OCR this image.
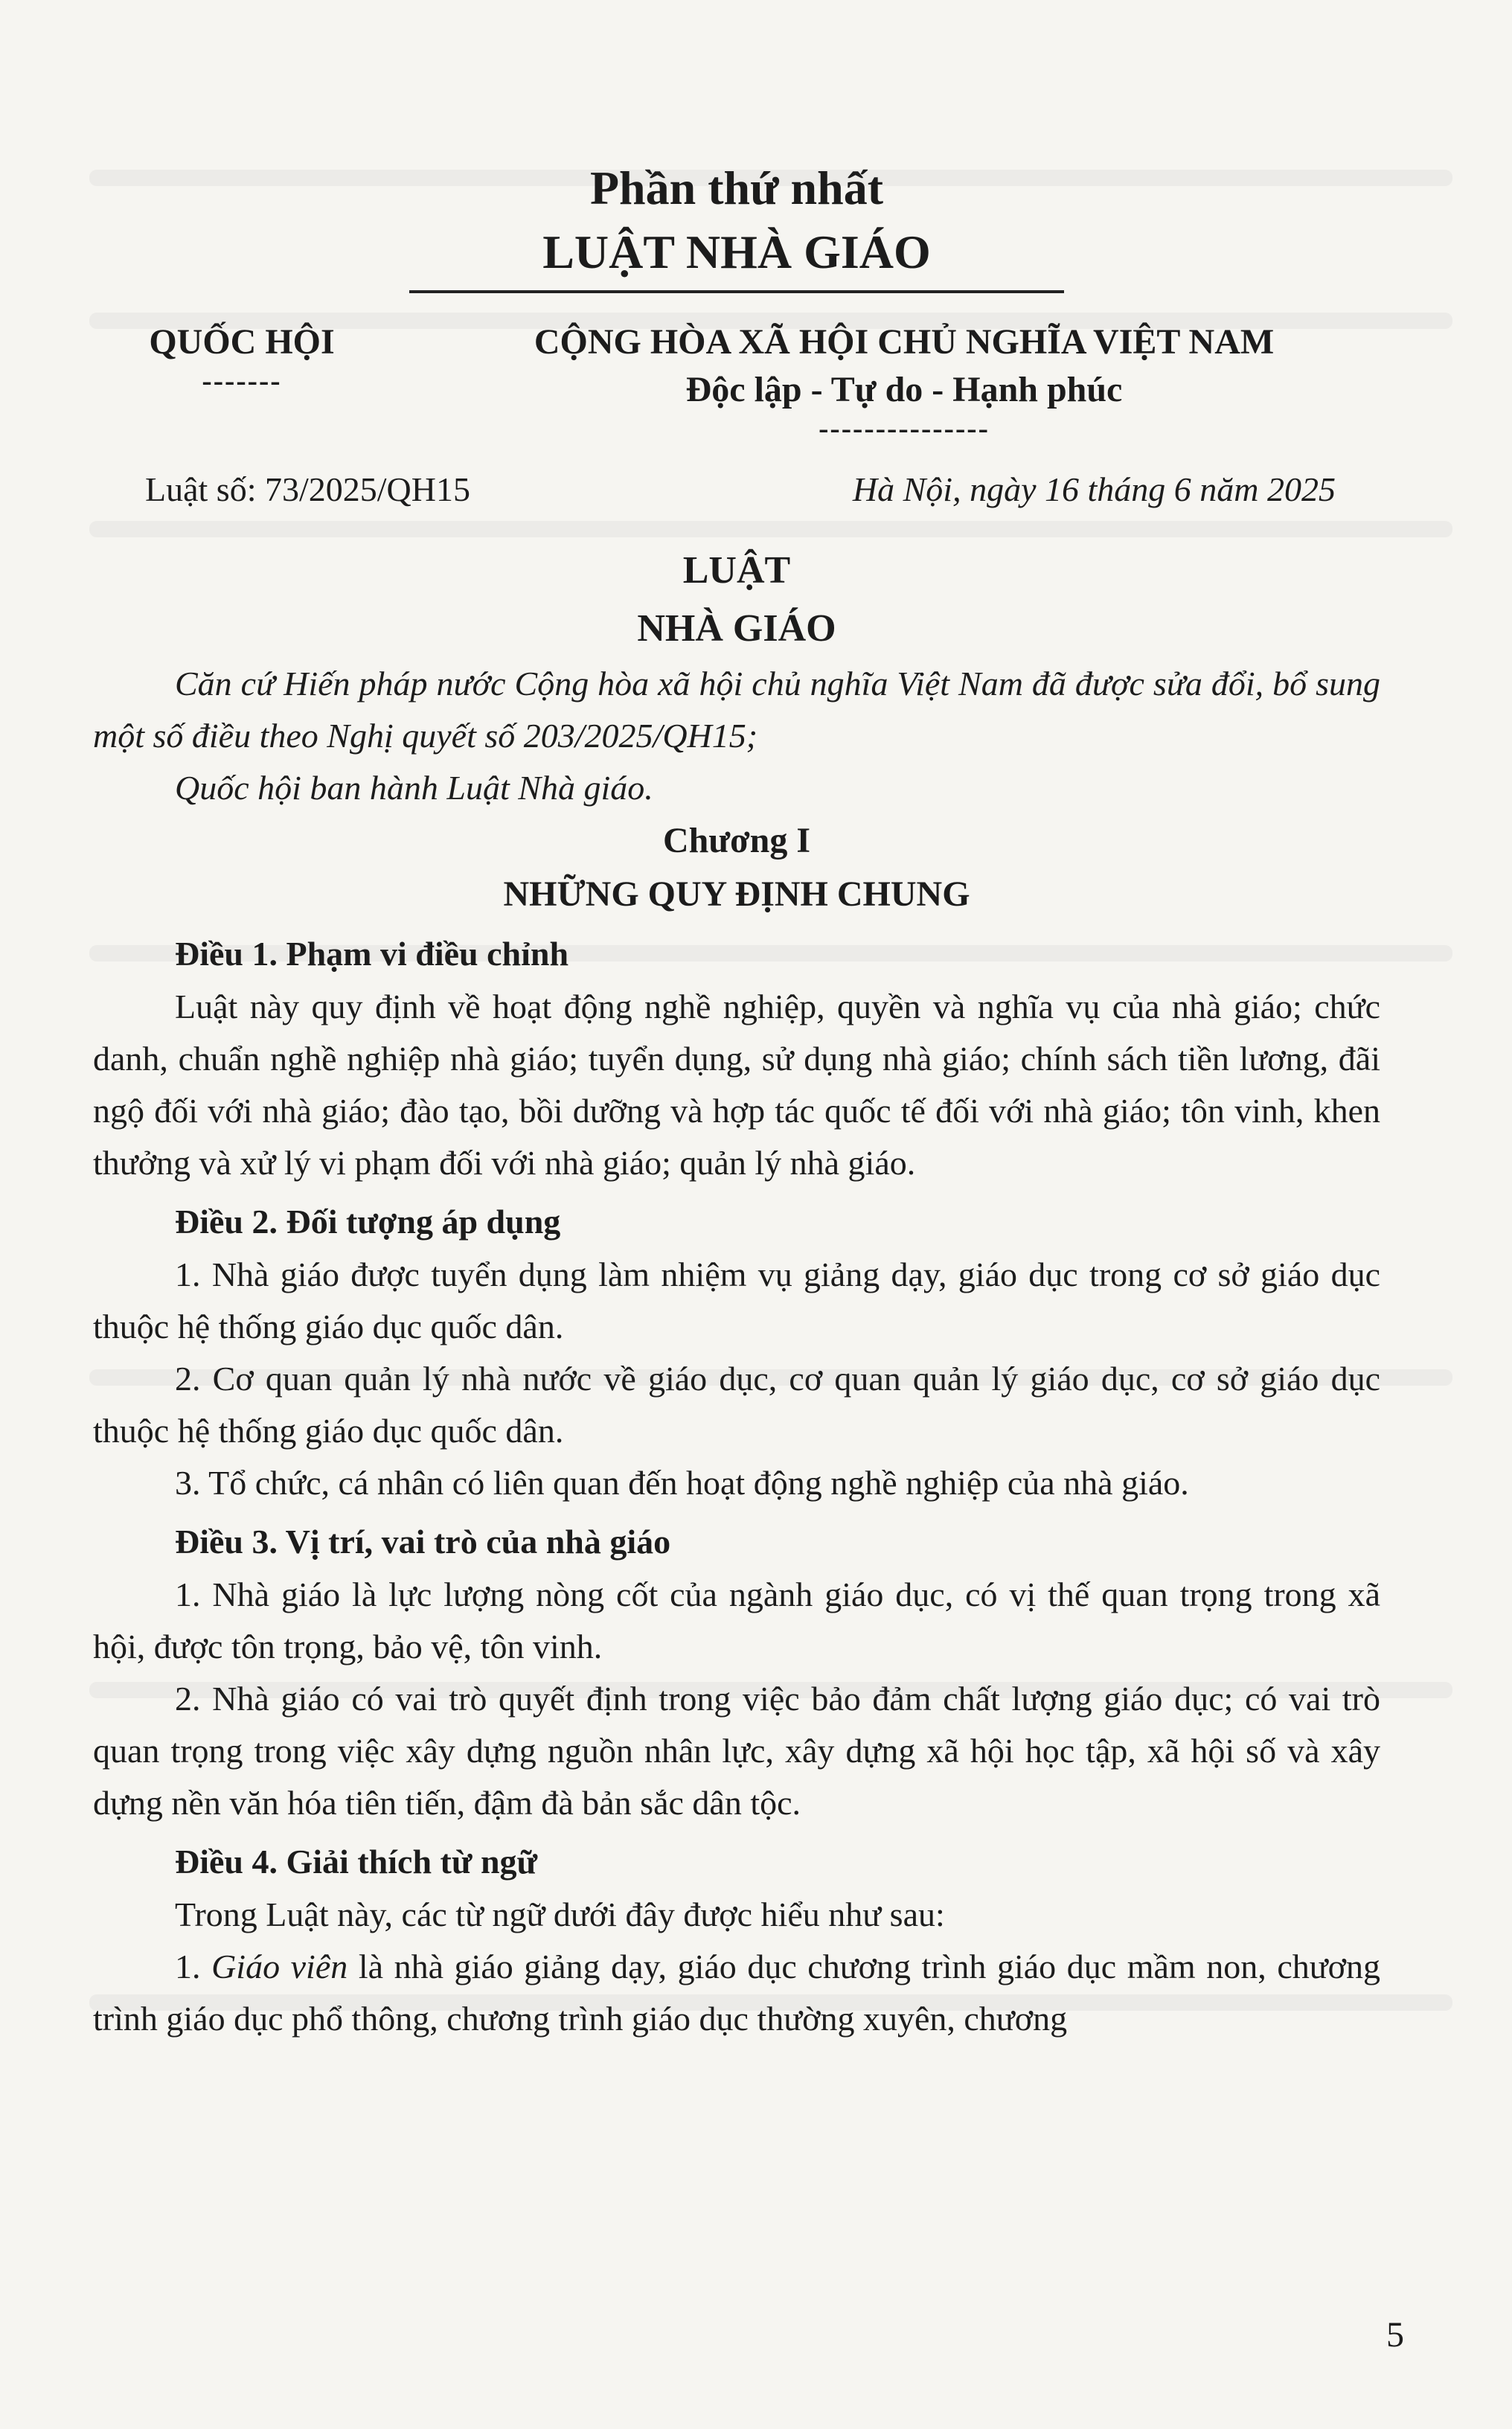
Phần thứ nhất
LUẬT NHÀ GIÁO
QUỐC HỘI
-------
CỘNG HÒA XÃ HỘI CHỦ NGHĨA VIỆT NAM
Độc lập - Tự do - Hạnh phúc
---------------
Luật số: 73/2025/QH15	Hà Nội, ngày 16 tháng 6 năm 2025
LUẬT
NHÀ GIÁO

Căn cứ Hiến pháp nước Cộng hòa xã hội chủ nghĩa Việt Nam đã được sửa đổi, bổ sung một số điều theo Nghị quyết số 203/2025/QH15;

Quốc hội ban hành Luật Nhà giáo.

Chương I
NHỮNG QUY ĐỊNH CHUNG
Điều 1. Phạm vi điều chỉnh

Luật này quy định về hoạt động nghề nghiệp, quyền và nghĩa vụ của nhà giáo; chức danh, chuẩn nghề nghiệp nhà giáo; tuyển dụng, sử dụng nhà giáo; chính sách tiền lương, đãi ngộ đối với nhà giáo; đào tạo, bồi dưỡng và hợp tác quốc tế đối với nhà giáo; tôn vinh, khen thưởng và xử lý vi phạm đối với nhà giáo; quản lý nhà giáo.

Điều 2. Đối tượng áp dụng

1. Nhà giáo được tuyển dụng làm nhiệm vụ giảng dạy, giáo dục trong cơ sở giáo dục thuộc hệ thống giáo dục quốc dân.

2. Cơ quan quản lý nhà nước về giáo dục, cơ quan quản lý giáo dục, cơ sở giáo dục thuộc hệ thống giáo dục quốc dân.

3. Tổ chức, cá nhân có liên quan đến hoạt động nghề nghiệp của nhà giáo.

Điều 3. Vị trí, vai trò của nhà giáo

1. Nhà giáo là lực lượng nòng cốt của ngành giáo dục, có vị thế quan trọng trong xã hội, được tôn trọng, bảo vệ, tôn vinh.

2. Nhà giáo có vai trò quyết định trong việc bảo đảm chất lượng giáo dục; có vai trò quan trọng trong việc xây dựng nguồn nhân lực, xây dựng xã hội học tập, xã hội số và xây dựng nền văn hóa tiên tiến, đậm đà bản sắc dân tộc.

Điều 4. Giải thích từ ngữ

Trong Luật này, các từ ngữ dưới đây được hiểu như sau:

1. Giáo viên là nhà giáo giảng dạy, giáo dục chương trình giáo dục mầm non, chương trình giáo dục phổ thông, chương trình giáo dục thường xuyên, chương

5
